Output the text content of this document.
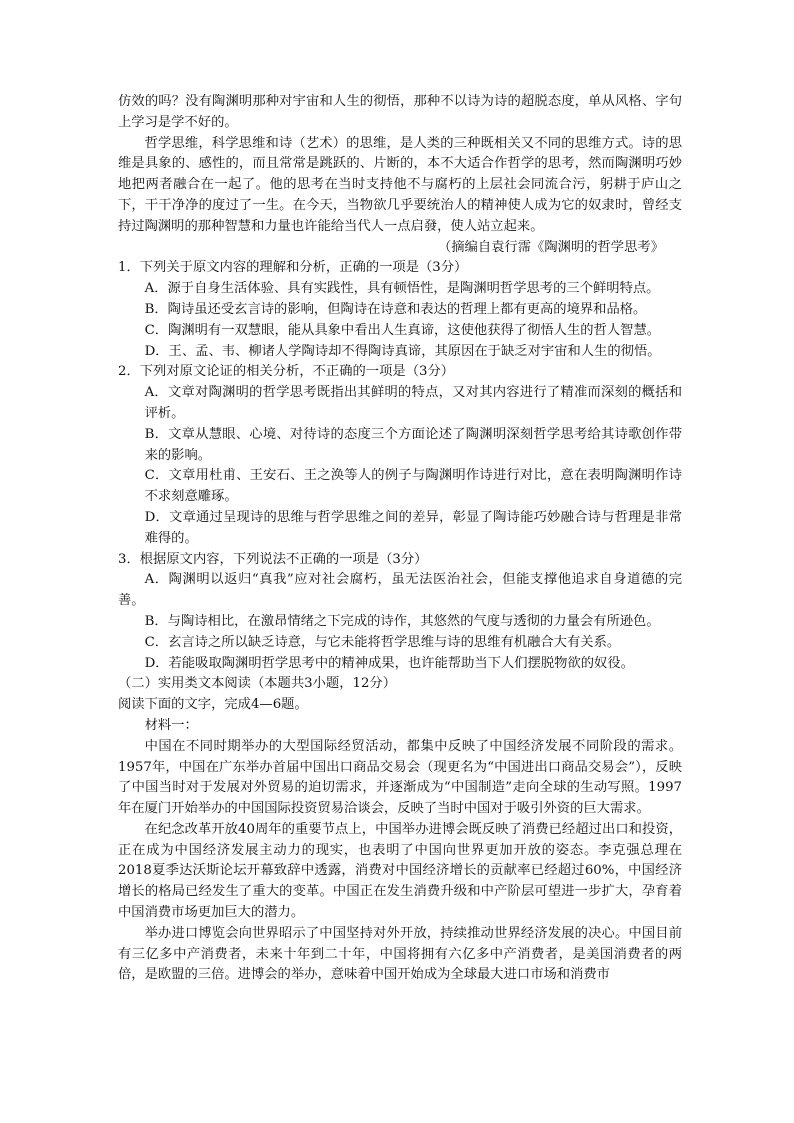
仿效的吗？没有陶渊明那种对宇宙和人生的彻悟，那种不以诗为诗的超脱态度，单从风格、字句上学习是学不好的。

哲学思维，科学思维和诗（艺术）的思维，是人类的三种既相关又不同的思维方式。诗的思维是具象的、感性的，而且常常是跳跃的、片断的，本不大适合作哲学的思考，然而陶渊明巧妙地把两者融合在一起了。他的思考在当时支持他不与腐朽的上层社会同流合污，躬耕于庐山之下，干干净净的度过了一生。在今天，当物欲几乎要统治人的精神使人成为它的奴隶时，曾经支持过陶渊明的那种智慧和力量也许能给当代人一点启發，使人站立起来。

（摘编自袁行霈《陶渊明的哲学思考》

1．下列关于原文内容的理解和分析，正确的一项是（3分）

A．源于自身生活体验、具有实践性，具有顿悟性，是陶渊明哲学思考的三个鲜明特点。

B．陶诗虽还受玄言诗的影响，但陶诗在诗意和表达的哲理上都有更高的境界和品格。

C．陶渊明有一双慧眼，能从具象中看出人生真谛，这使他获得了彻悟人生的哲人智慧。

D．王、孟、韦、柳诸人学陶诗却不得陶诗真谛，其原因在于缺乏对宇宙和人生的彻悟。

2．下列对原文论证的相关分析，不正确的一项是（3分）

A．文章对陶渊明的哲学思考既指出其鲜明的特点，又对其内容进行了精准而深刻的概括和评析。

B．文章从慧眼、心境、对待诗的态度三个方面论述了陶渊明深刻哲学思考给其诗歌创作带来的影响。

C．文章用杜甫、王安石、王之涣等人的例子与陶渊明作诗进行对比，意在表明陶渊明作诗不求刻意雕琢。

D．文章通过呈现诗的思维与哲学思维之间的差异，彰显了陶诗能巧妙融合诗与哲理是非常难得的。

3．根据原文内容，下列说法不正确的一项是（3分）

A．陶渊明以返归“真我”应对社会腐朽，虽无法医治社会，但能支撑他追求自身道德的完善。

B．与陶诗相比，在激昂情绪之下完成的诗作，其悠然的气度与透彻的力量会有所逊色。

C．玄言诗之所以缺乏诗意，与它未能将哲学思维与诗的思维有机融合大有关系。

D．若能吸取陶渊明哲学思考中的精神成果，也许能帮助当下人们摆脱物欲的奴役。

（二）实用类文本阅读（本题共3小题，12分）

阅读下面的文字，完成4—6题。

材料一：

中国在不同时期举办的大型国际经贸活动，都集中反映了中国经济发展不同阶段的需求。1957年，中国在广东举办首届中国出口商品交易会（现更名为“中国进出口商品交易会”），反映了中国当时对于发展对外贸易的迫切需求，并逐渐成为“中国制造”走向全球的生动写照。1997年在厦门开始举办的中国国际投资贸易洽谈会，反映了当时中国对于吸引外资的巨大需求。

在纪念改革开放40周年的重要节点上，中国举办进博会既反映了消费已经超过出口和投资，正在成为中国经济发展主动力的现实，也表明了中国向世界更加开放的姿态。李克强总理在2018夏季达沃斯论坛开幕致辞中透露，消费对中国经济增长的贡献率已经超过60%，中国经济增长的格局已经发生了重大的变革。中国正在发生消费升级和中产阶层可望进一步扩大，孕育着中国消费市场更加巨大的潜力。

举办进口博览会向世界昭示了中国坚持对外开放，持续推动世界经济发展的决心。中国目前有三亿多中产消费者，未来十年到二十年，中国将拥有六亿多中产消费者，是美国消费者的两倍，是欧盟的三倍。进博会的举办，意味着中国开始成为全球最大进口市场和消费市
